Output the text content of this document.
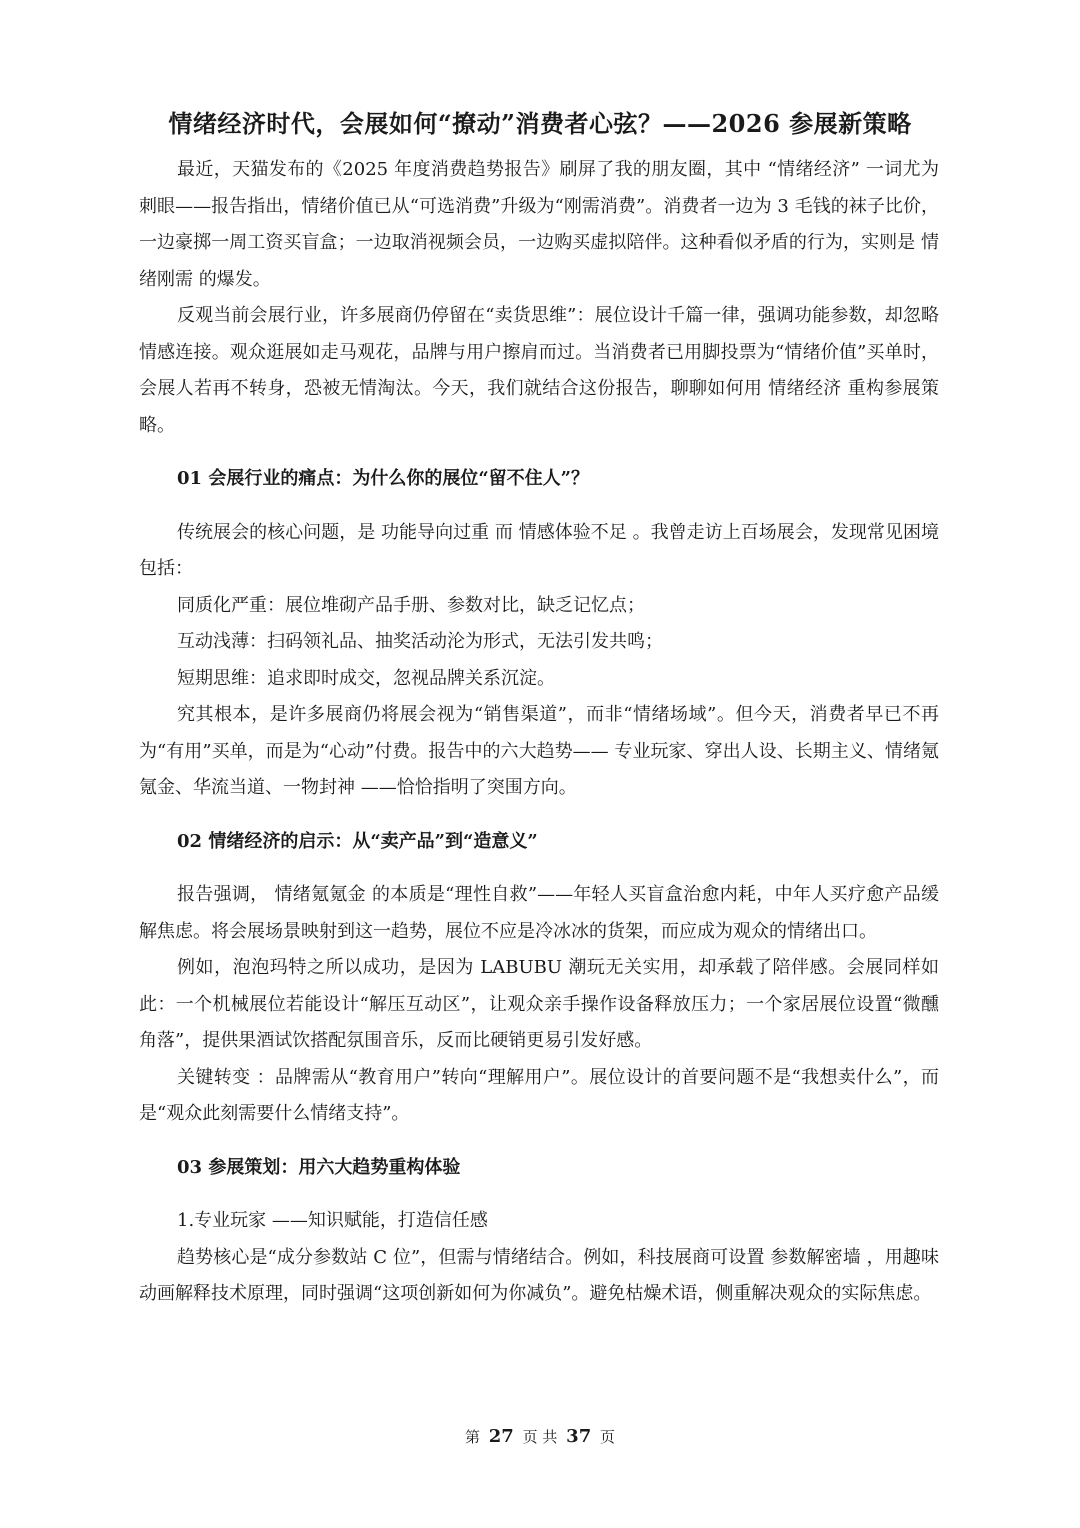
情绪经济时代，会展如何“撩动”消费者心弦？——2026 参展新策略

最近，天猫发布的《2025 年度消费趋势报告》刷屏了我的朋友圈，其中 “情绪经济” 一词尤为刺眼——报告指出，情绪价值已从“可选消费”升级为“刚需消费”。消费者一边为 3 毛钱的袜子比价，一边豪掷一周工资买盲盒；一边取消视频会员，一边购买虚拟陪伴。这种看似矛盾的行为，实则是 情绪刚需 的爆发。

反观当前会展行业，许多展商仍停留在“卖货思维”：展位设计千篇一律，强调功能参数，却忽略情感连接。观众逛展如走马观花，品牌与用户擦肩而过。当消费者已用脚投票为“情绪价值”买单时，会展人若再不转身，恐被无情淘汰。今天，我们就结合这份报告，聊聊如何用 情绪经济 重构参展策略。

01 会展行业的痛点：为什么你的展位“留不住人”？

传统展会的核心问题，是 功能导向过重 而 情感体验不足 。我曾走访上百场展会，发现常见困境包括：

同质化严重：展位堆砌产品手册、参数对比，缺乏记忆点；

互动浅薄：扫码领礼品、抽奖活动沦为形式，无法引发共鸣；

短期思维：追求即时成交，忽视品牌关系沉淀。

究其根本，是许多展商仍将展会视为“销售渠道”，而非“情绪场域”。但今天，消费者早已不再为“有用”买单，而是为“心动”付费。报告中的六大趋势—— 专业玩家、穿出人设、长期主义、情绪氪氪金、华流当道、一物封神 ——恰恰指明了突围方向。

02 情绪经济的启示：从“卖产品”到“造意义”

报告强调， 情绪氪氪金 的本质是“理性自救”——年轻人买盲盒治愈内耗，中年人买疗愈产品缓解焦虑。将会展场景映射到这一趋势，展位不应是冷冰冰的货架，而应成为观众的情绪出口。

例如，泡泡玛特之所以成功，是因为 LABUBU 潮玩无关实用，却承载了陪伴感。会展同样如此：一个机械展位若能设计“解压互动区”，让观众亲手操作设备释放压力；一个家居展位设置“微醺角落”，提供果酒试饮搭配氛围音乐，反而比硬销更易引发好感。

关键转变 ：品牌需从“教育用户”转向“理解用户”。展位设计的首要问题不是“我想卖什么”，而是“观众此刻需要什么情绪支持”。

03 参展策划：用六大趋势重构体验

1.专业玩家 ——知识赋能，打造信任感

趋势核心是“成分参数站 C 位”，但需与情绪结合。例如，科技展商可设置 参数解密墙 ，用趣味动画解释技术原理，同时强调“这项创新如何为你减负”。避免枯燥术语，侧重解决观众的实际焦虑。

第 27 页 共 37 页
